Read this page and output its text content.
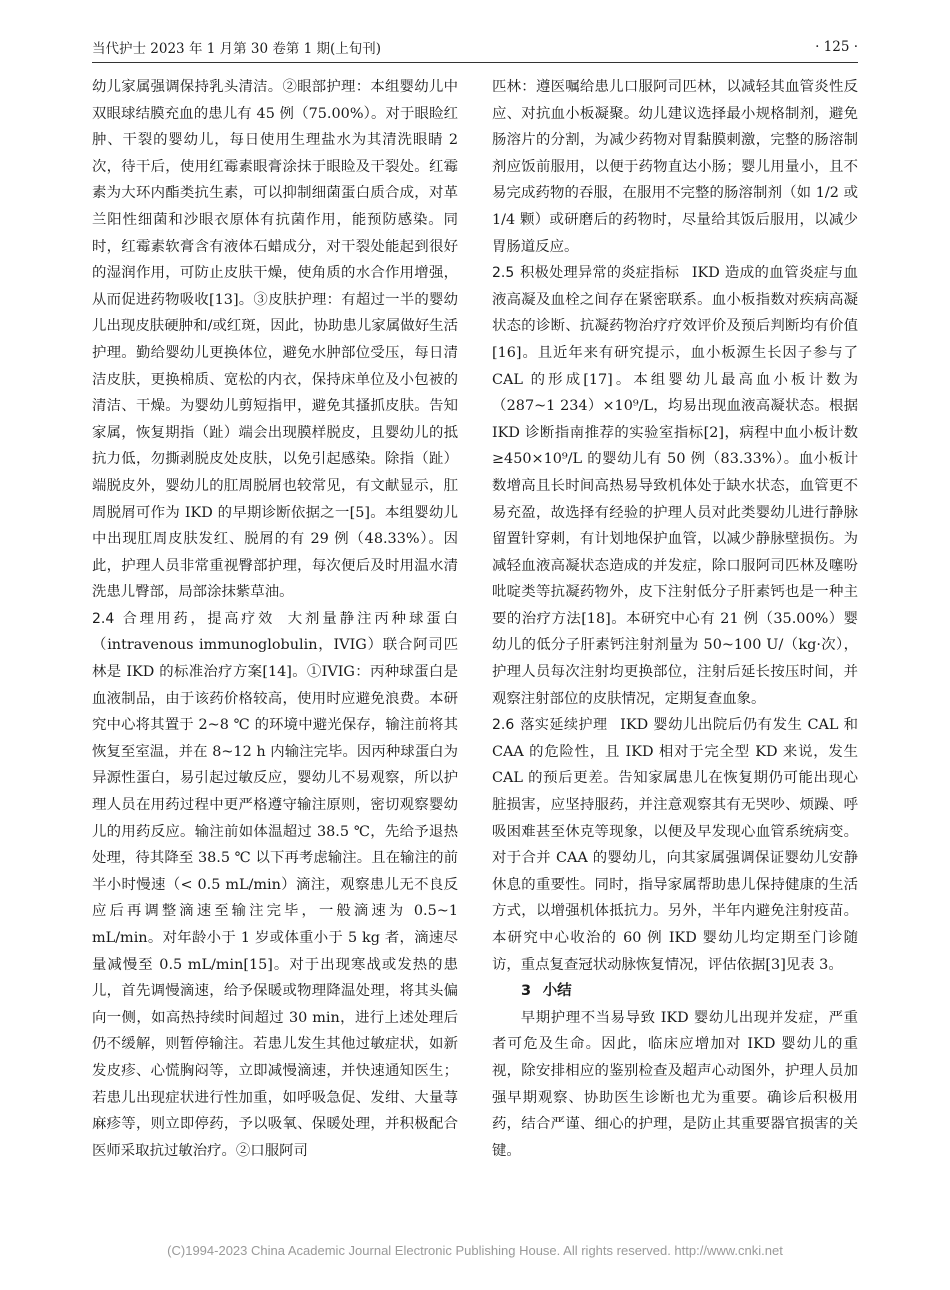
当代护士 2023 年 1 月第 30 卷第 1 期(上旬刊)	· 125 ·

幼儿家属强调保持乳头清洁。②眼部护理：本组婴幼儿中双眼球结膜充血的患儿有 45 例（75.00%）。对于眼睑红肿、干裂的婴幼儿，每日使用生理盐水为其清洗眼睛 2 次，待干后，使用红霉素眼膏涂抹于眼睑及干裂处。红霉素为大环内酯类抗生素，可以抑制细菌蛋白质合成，对革兰阳性细菌和沙眼衣原体有抗菌作用，能预防感染。同时，红霉素软膏含有液体石蜡成分，对干裂处能起到很好的湿润作用，可防止皮肤干燥，使角质的水合作用增强，从而促进药物吸收[13]。③皮肤护理：有超过一半的婴幼儿出现皮肤硬肿和/或红斑，因此，协助患儿家属做好生活护理。勤给婴幼儿更换体位，避免水肿部位受压，每日清洁皮肤，更换棉质、宽松的内衣，保持床单位及小包被的清洁、干燥。为婴幼儿剪短指甲，避免其搔抓皮肤。告知家属，恢复期指（趾）端会出现膜样脱皮，且婴幼儿的抵抗力低，勿撕剥脱皮处皮肤，以免引起感染。除指（趾）端脱皮外，婴幼儿的肛周脱屑也较常见，有文献显示，肛周脱屑可作为 IKD 的早期诊断依据之一[5]。本组婴幼儿中出现肛周皮肤发红、脱屑的有 29 例（48.33%）。因此，护理人员非常重视臀部护理，每次便后及时用温水清洗患儿臀部，局部涂抹紫草油。

2.4 合理用药，提高疗效 大剂量静注丙种球蛋白（intravenous immunoglobulin，IVIG）联合阿司匹林是 IKD 的标准治疗方案[14]。①IVIG：丙种球蛋白是血液制品，由于该药价格较高，使用时应避免浪费。本研究中心将其置于 2~8 ℃ 的环境中避光保存，输注前将其恢复至室温，并在 8~12 h 内输注完毕。因丙种球蛋白为异源性蛋白，易引起过敏反应，婴幼儿不易观察，所以护理人员在用药过程中更严格遵守输注原则，密切观察婴幼儿的用药反应。输注前如体温超过 38.5 ℃，先给予退热处理，待其降至 38.5 ℃ 以下再考虑输注。且在输注的前半小时慢速（< 0.5 mL/min）滴注，观察患儿无不良反应后再调整滴速至输注完毕，一般滴速为 0.5~1 mL/min。对年龄小于 1 岁或体重小于 5 kg 者，滴速尽量减慢至 0.5 mL/min[15]。对于出现寒战或发热的患儿，首先调慢滴速，给予保暖或物理降温处理，将其头偏向一侧，如高热持续时间超过 30 min，进行上述处理后仍不缓解，则暂停输注。若患儿发生其他过敏症状，如新发皮疹、心慌胸闷等，立即减慢滴速，并快速通知医生；若患儿出现症状进行性加重，如呼吸急促、发绀、大量荨麻疹等，则立即停药，予以吸氧、保暖处理，并积极配合医师采取抗过敏治疗。②口服阿司

匹林：遵医嘱给患儿口服阿司匹林，以减轻其血管炎性反应、对抗血小板凝聚。幼儿建议选择最小规格制剂，避免肠溶片的分割，为减少药物对胃黏膜刺激，完整的肠溶制剂应饭前服用，以便于药物直达小肠；婴儿用量小，且不易完成药物的吞服，在服用不完整的肠溶制剂（如 1/2 或 1/4 颗）或研磨后的药物时，尽量给其饭后服用，以减少胃肠道反应。

2.5 积极处理异常的炎症指标 IKD 造成的血管炎症与血液高凝及血栓之间存在紧密联系。血小板指数对疾病高凝状态的诊断、抗凝药物治疗疗效评价及预后判断均有价值[16]。且近年来有研究提示，血小板源生长因子参与了 CAL 的形成[17]。本组婴幼儿最高血小板计数为（287~1 234）×10⁹/L，均易出现血液高凝状态。根据 IKD 诊断指南推荐的实验室指标[2]，病程中血小板计数 ≥450×10⁹/L 的婴幼儿有 50 例（83.33%）。血小板计数增高且长时间高热易导致机体处于缺水状态，血管更不易充盈，故选择有经验的护理人员对此类婴幼儿进行静脉留置针穿刺，有计划地保护血管，以减少静脉壁损伤。为减轻血液高凝状态造成的并发症，除口服阿司匹林及噻吩吡啶类等抗凝药物外，皮下注射低分子肝素钙也是一种主要的治疗方法[18]。本研究中心有 21 例（35.00%）婴幼儿的低分子肝素钙注射剂量为 50~100 U/（kg·次），护理人员每次注射均更换部位，注射后延长按压时间，并观察注射部位的皮肤情况，定期复查血象。

2.6 落实延续护理 IKD 婴幼儿出院后仍有发生 CAL 和 CAA 的危险性，且 IKD 相对于完全型 KD 来说，发生 CAL 的预后更差。告知家属患儿在恢复期仍可能出现心脏损害，应坚持服药，并注意观察其有无哭吵、烦躁、呼吸困难甚至休克等现象，以便及早发现心血管系统病变。对于合并 CAA 的婴幼儿，向其家属强调保证婴幼儿安静休息的重要性。同时，指导家属帮助患儿保持健康的生活方式，以增强机体抵抗力。另外，半年内避免注射疫苗。本研究中心收治的 60 例 IKD 婴幼儿均定期至门诊随访，重点复查冠状动脉恢复情况，评估依据[3]见表 3。

3 小结

早期护理不当易导致 IKD 婴幼儿出现并发症，严重者可危及生命。因此，临床应增加对 IKD 婴幼儿的重视，除安排相应的鉴别检查及超声心动图外，护理人员加强早期观察、协助医生诊断也尤为重要。确诊后积极用药，结合严谨、细心的护理，是防止其重要器官损害的关键。

(C)1994-2023 China Academic Journal Electronic Publishing House. All rights reserved. http://www.cnki.net
